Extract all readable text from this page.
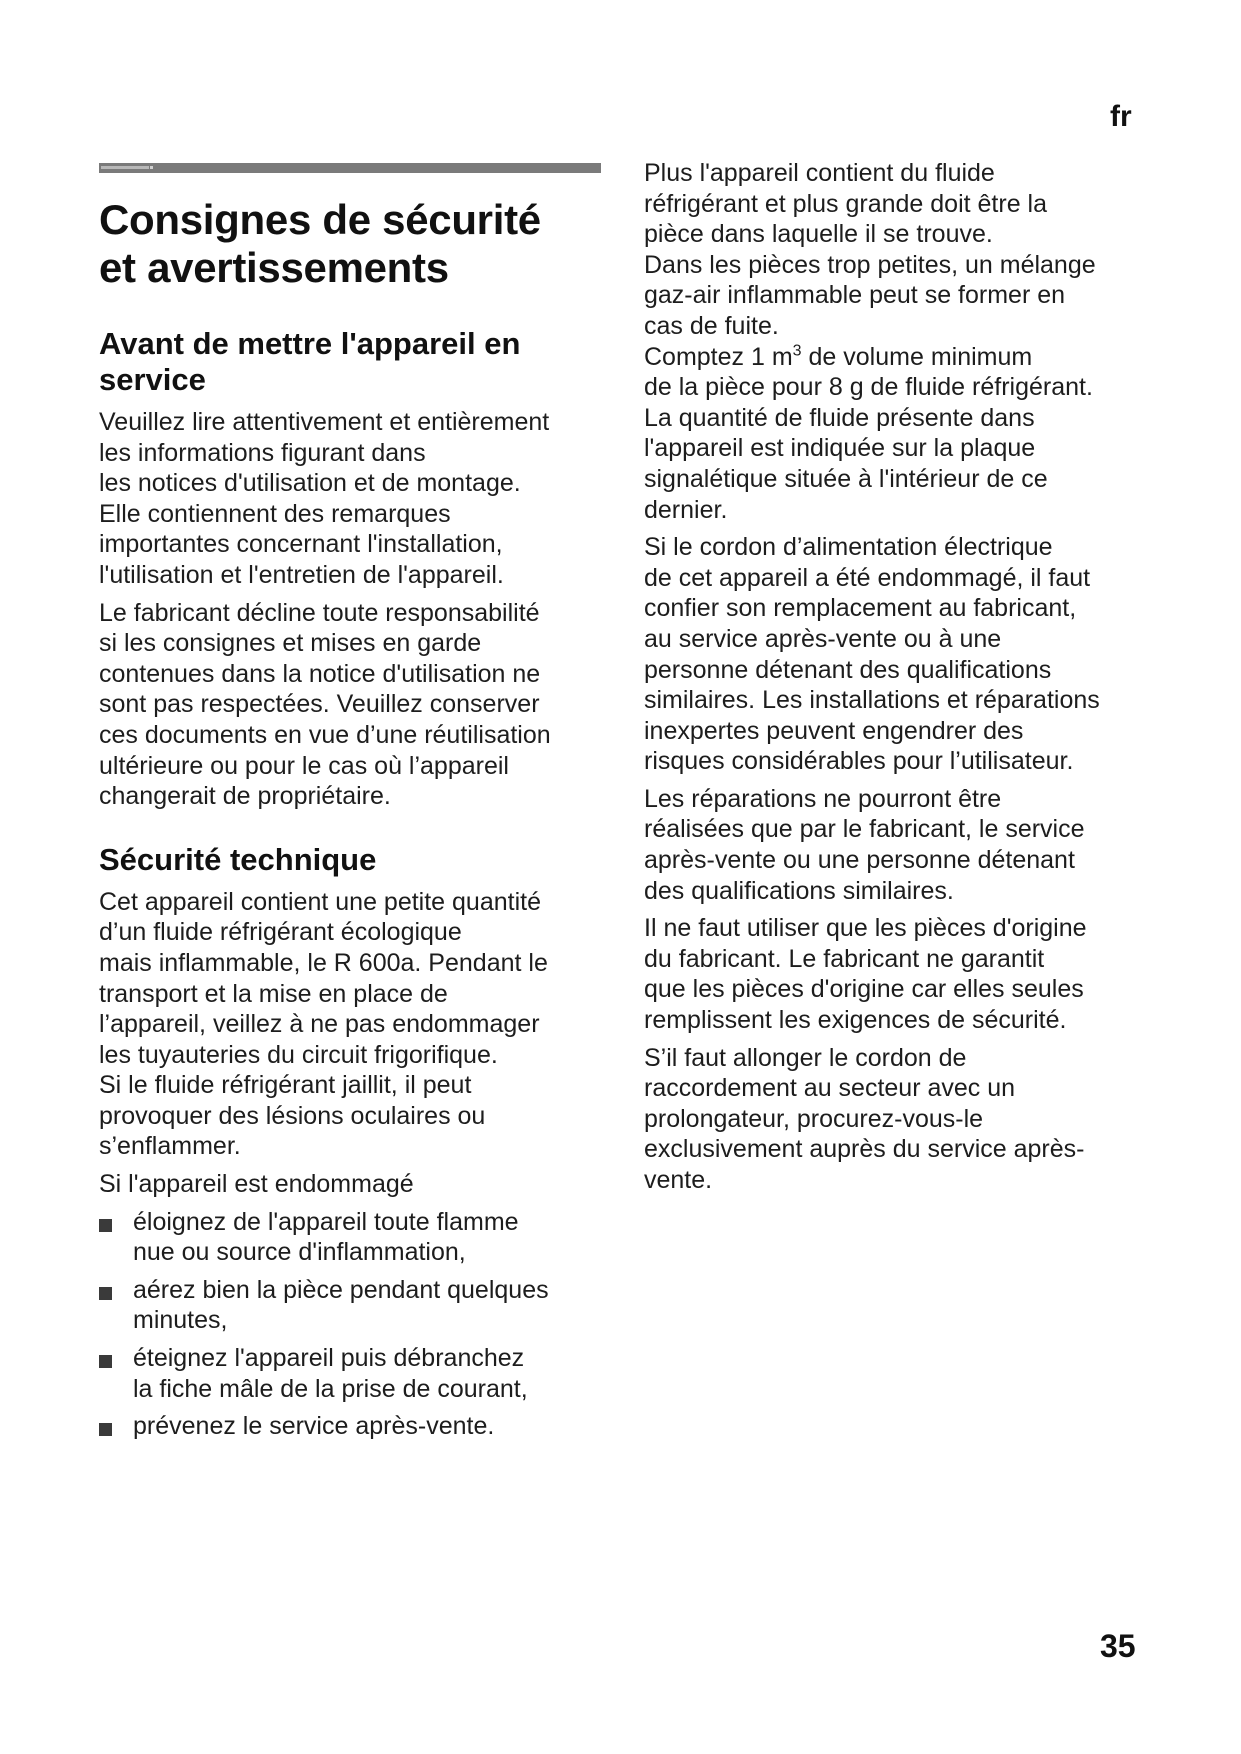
fr
Consignes de sécurité
et avertissements
Avant de mettre l'appareil en
service

Veuillez lire attentivement et entièrement
les informations figurant dans
les notices d'utilisation et de montage.
Elle contiennent des remarques
importantes concernant l'installation,
l'utilisation et l'entretien de l'appareil.

Le fabricant décline toute responsabilité
si les consignes et mises en garde
contenues dans la notice d'utilisation ne
sont pas respectées. Veuillez conserver
ces documents en vue d’une réutilisation
ultérieure ou pour le cas où l’appareil
changerait de propriétaire.

Sécurité technique

Cet appareil contient une petite quantité
d’un fluide réfrigérant écologique
mais inflammable, le R 600a. Pendant le
transport et la mise en place de
l’appareil, veillez à ne pas endommager
les tuyauteries du circuit frigorifique.
Si le fluide réfrigérant jaillit, il peut
provoquer des lésions oculaires ou
s’enflammer.

Si l'appareil est endommagé

éloignez de l'appareil toute flamme
nue ou source d'inflammation,
aérez bien la pièce pendant quelques
minutes,
éteignez l'appareil puis débranchez
la fiche mâle de la prise de courant,
prévenez le service après-vente.

Plus l'appareil contient du fluide
réfrigérant et plus grande doit être la
pièce dans laquelle il se trouve.
Dans les pièces trop petites, un mélange
gaz-air inflammable peut se former en
cas de fuite.
Comptez 1 $m^3$ de volume minimum
de la pièce pour 8 g de fluide réfrigérant.
La quantité de fluide présente dans
l'appareil est indiquée sur la plaque
signalétique située à l'intérieur de ce
dernier.

Si le cordon d’alimentation électrique
de cet appareil a été endommagé, il faut
confier son remplacement au fabricant,
au service après-vente ou à une
personne détenant des qualifications
similaires. Les installations et réparations
inexpertes peuvent engendrer des
risques considérables pour l’utilisateur.

Les réparations ne pourront être
réalisées que par le fabricant, le service
après-vente ou une personne détenant
des qualifications similaires.

Il ne faut utiliser que les pièces d'origine
du fabricant. Le fabricant ne garantit
que les pièces d'origine car elles seules
remplissent les exigences de sécurité.

S’il faut allonger le cordon de
raccordement au secteur avec un
prolongateur, procurez-vous-le
exclusivement auprès du service après-
vente.

35
